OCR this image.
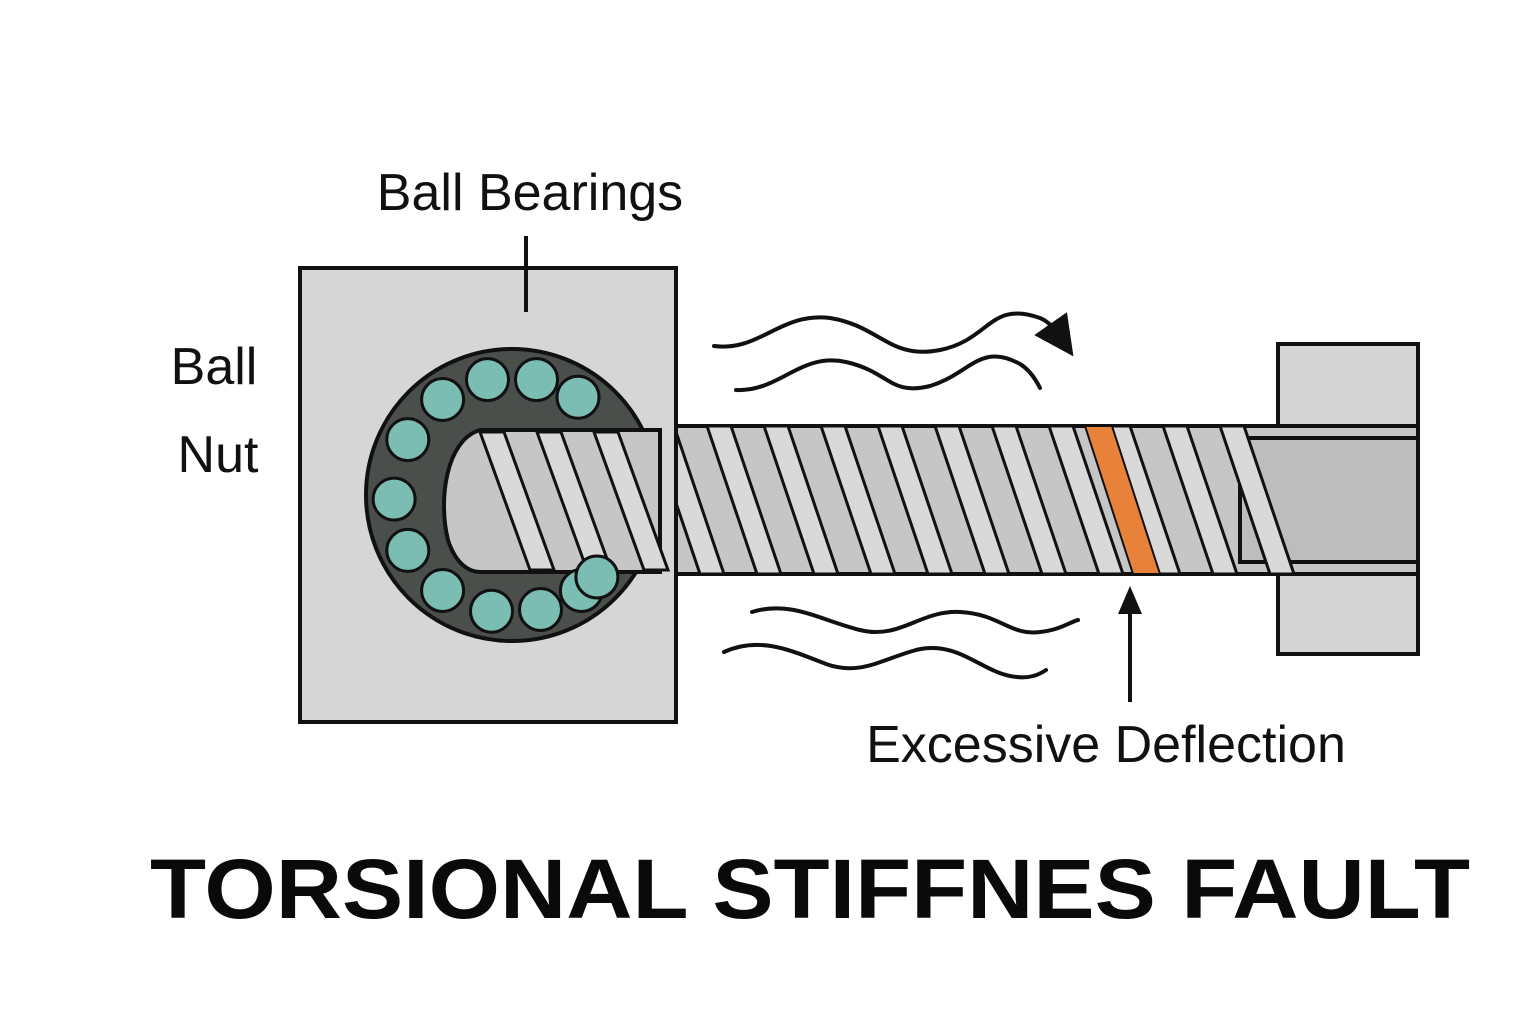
Ball Bearings
Ball
Nut
Excessive Deflection
TORSIONAL STIFFNES FAULT
